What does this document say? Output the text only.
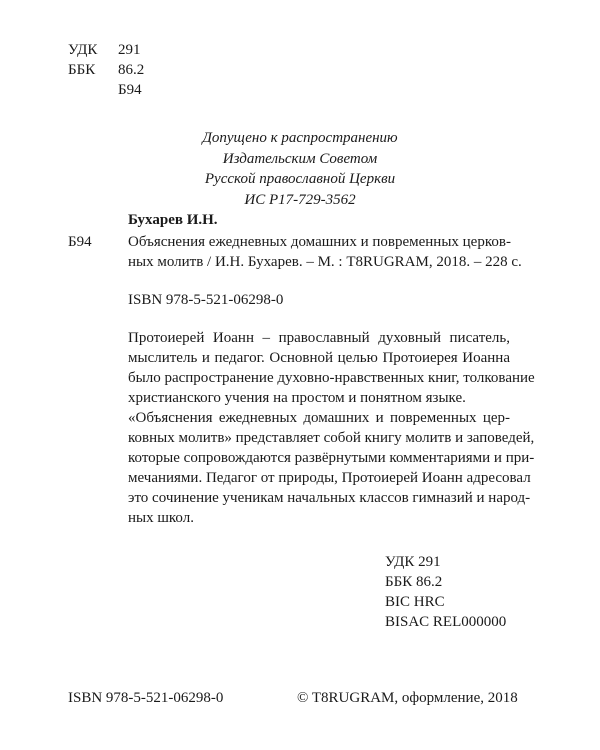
УДК	291
ББК	86.2
Б94
Допущено к распространению
Издательским Советом
Русской православной Церкви
ИС Р17-729-3562
Бухарев И.Н.
Б94 Объяснения ежедневных домашних и повременных церков-
ных молитв / И.Н. Бухарев. – М. : T8RUGRAM, 2018. – 228 с.
ISBN 978-5-521-06298-0
Протоиерей Иоанн – православный духовный писатель,
мыслитель и педагог. Основной целью Протоиерея Иоанна
было распространение духовно-нравственных книг, толкование
христианского учения на простом и понятном языке.
«Объяснения ежедневных домашних и повременных цер-
ковных молитв» представляет собой книгу молитв и заповедей,
которые сопровождаются развёрнутыми комментариями и при-
мечаниями. Педагог от природы, Протоиерей Иоанн адресовал
это сочинение ученикам начальных классов гимназий и народ-
ных школ.
УДК 291
ББК 86.2
BIC HRC
BISAC REL000000
ISBN 978-5-521-06298-0	© T8RUGRAM, оформление, 2018
